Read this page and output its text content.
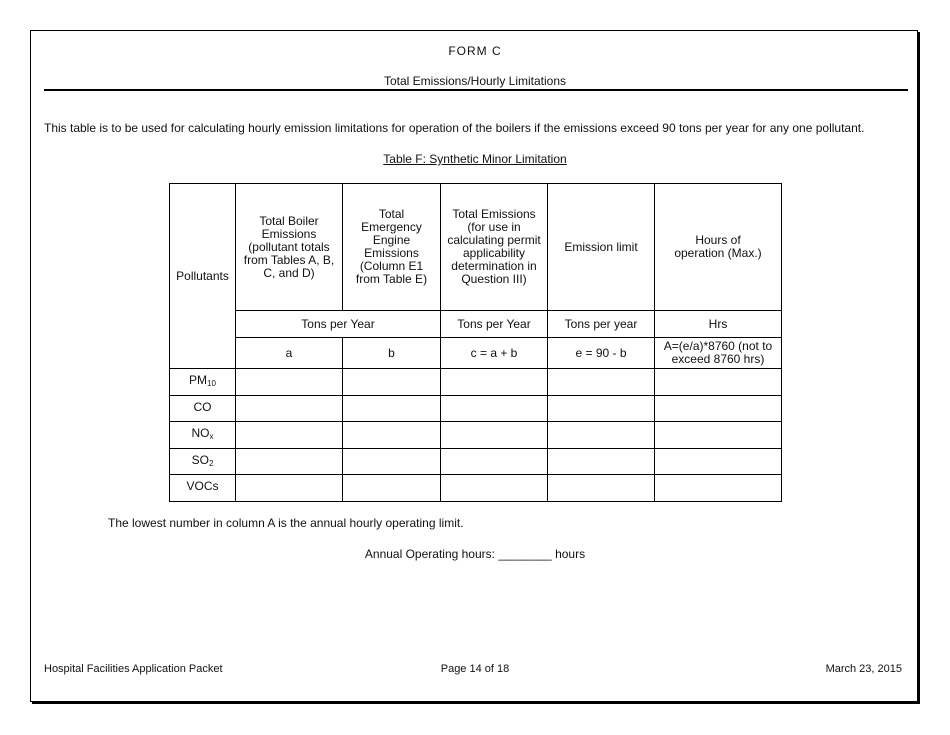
FORM C
Total Emissions/Hourly Limitations
This table is to be used for calculating hourly emission limitations for operation of the boilers if the emissions exceed 90 tons per year for any one pollutant.
Table F: Synthetic Minor Limitation
Pollutants	Total Boiler Emissions (pollutant totals from Tables A, B, C, and D)	Total Emergency Engine Emissions (Column E1 from Table E)	Total Emissions (for use in calculating permit applicability determination in Question III)	Emission limit	Hours of operation (Max.)
	Tons per Year		Tons per Year	Tons per year	Hrs
	a	b	c = a + b	e = 90 - b	A=(e/a)*8760 (not to exceed 8760 hrs)
$PM_{10}$					
CO					
$NO_x$					
$SO_2$					
VOCs					
The lowest number in column A is the annual hourly operating limit.
Annual Operating hours: ________ hours
Hospital Facilities Application Packet	Page 14 of 18	March 23, 2015
